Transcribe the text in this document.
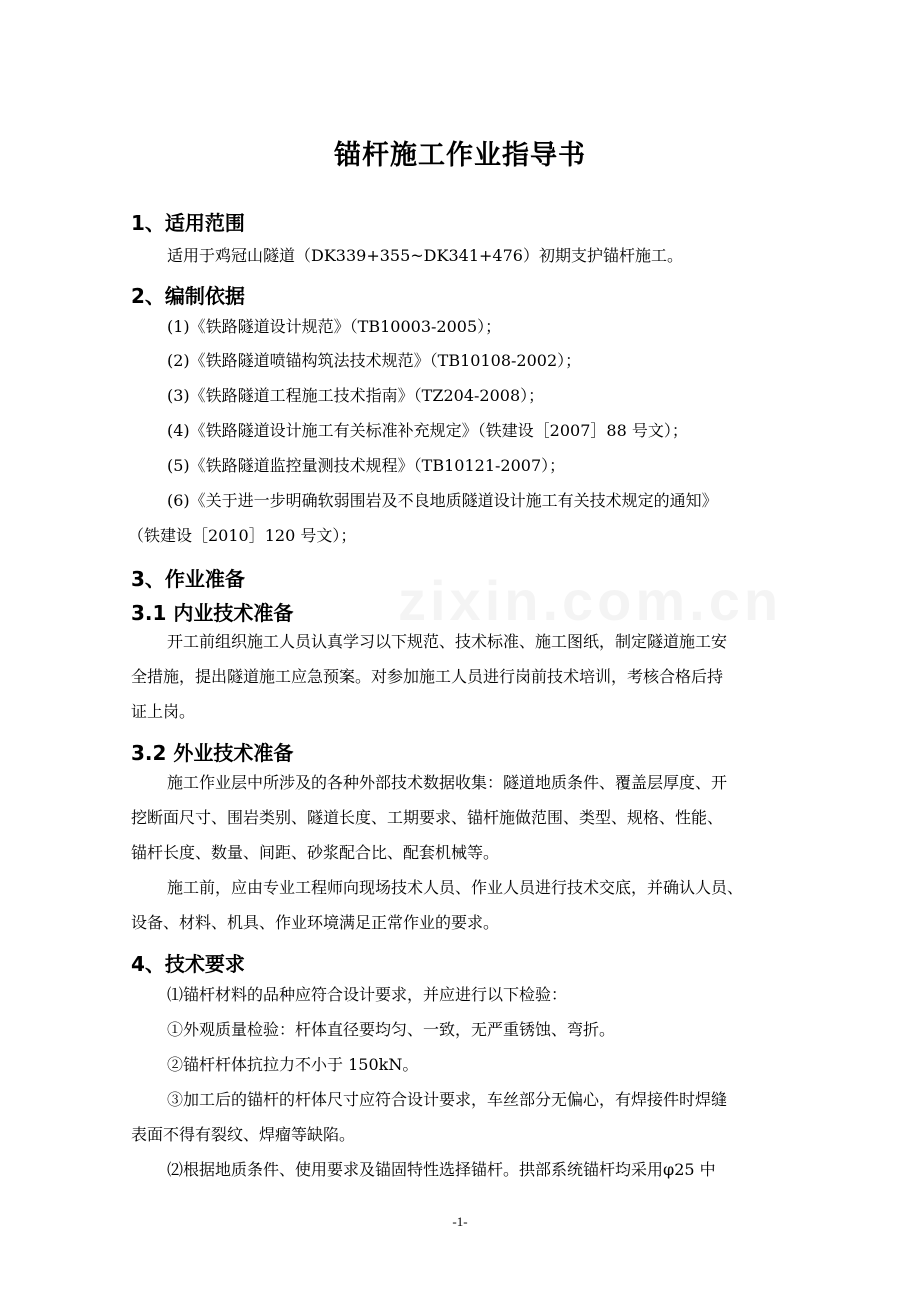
锚杆施工作业指导书
1、适用范围
适用于鸡冠山隧道（DK339+355~DK341+476）初期支护锚杆施工。
2、编制依据
(1)《铁路隧道设计规范》（TB10003-2005）；
(2)《铁路隧道喷锚构筑法技术规范》（TB10108-2002）；
(3)《铁路隧道工程施工技术指南》（TZ204-2008）；
(4)《铁路隧道设计施工有关标准补充规定》（铁建设［2007］88 号文）；
(5)《铁路隧道监控量测技术规程》（TB10121-2007）；
(6)《关于进一步明确软弱围岩及不良地质隧道设计施工有关技术规定的通知》
（铁建设［2010］120 号文）；
3、作业准备
3.1 内业技术准备
开工前组织施工人员认真学习以下规范、技术标准、施工图纸，制定隧道施工安
全措施，提出隧道施工应急预案。对参加施工人员进行岗前技术培训，考核合格后持
证上岗。
3.2 外业技术准备
施工作业层中所涉及的各种外部技术数据收集：隧道地质条件、覆盖层厚度、开
挖断面尺寸、围岩类别、隧道长度、工期要求、锚杆施做范围、类型、规格、性能、
锚杆长度、数量、间距、砂浆配合比、配套机械等。
施工前，应由专业工程师向现场技术人员、作业人员进行技术交底，并确认人员、
设备、材料、机具、作业环境满足正常作业的要求。
4、技术要求
⑴锚杆材料的品种应符合设计要求，并应进行以下检验：
①外观质量检验：杆体直径要均匀、一致，无严重锈蚀、弯折。
②锚杆杆体抗拉力不小于 150kN。
③加工后的锚杆的杆体尺寸应符合设计要求，车丝部分无偏心，有焊接件时焊缝
表面不得有裂纹、焊瘤等缺陷。
⑵根据地质条件、使用要求及锚固特性选择锚杆。拱部系统锚杆均采用φ25 中
-1-
